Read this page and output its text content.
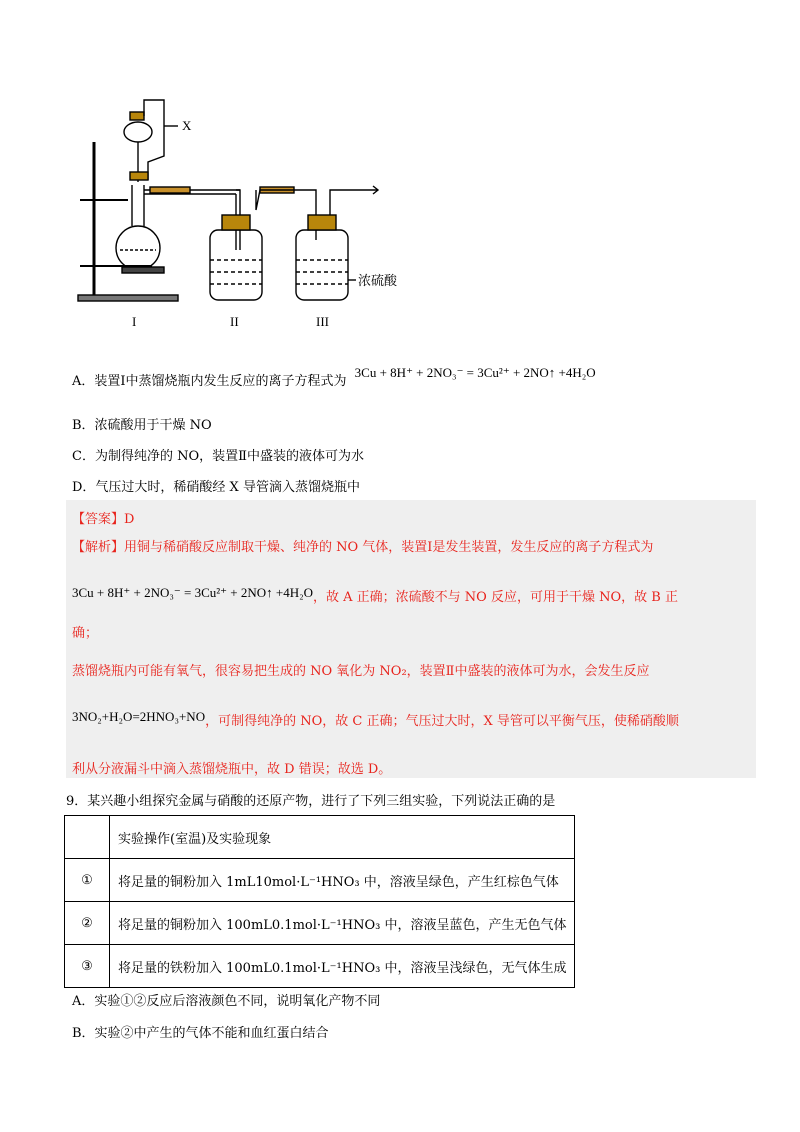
X
浓硫酸
I	II	III
A．装置Ⅰ中蒸馏烧瓶内发生反应的离子方程式为 3Cu + 8H⁺ + 2NO₃⁻ = 3Cu²⁺ + 2NO↑ +4H₂O
B．浓硫酸用于干燥 NO
C．为制得纯净的 NO，装置Ⅱ中盛装的液体可为水
D．气压过大时，稀硝酸经 X 导管滴入蒸馏烧瓶中
【答案】D
【解析】用铜与稀硝酸反应制取干燥、纯净的 NO 气体，装置Ⅰ是发生装置，发生反应的离子方程式为
3Cu + 8H⁺ + 2NO₃⁻ = 3Cu²⁺ + 2NO↑ +4H₂O，故 A 正确；浓硫酸不与 NO 反应，可用于干燥 NO，故 B 正
确；
蒸馏烧瓶内可能有氧气，很容易把生成的 NO 氧化为 NO₂，装置Ⅱ中盛装的液体可为水，会发生反应
3NO₂+H₂O=2HNO₃+NO，可制得纯净的 NO，故 C 正确；气压过大时，X 导管可以平衡气压，使稀硝酸顺
利从分液漏斗中滴入蒸馏烧瓶中，故 D 错误；故选 D。
9．某兴趣小组探究金属与硝酸的还原产物，进行了下列三组实验，下列说法正确的是
	实验操作(室温)及实验现象
①	将足量的铜粉加入 1mL10mol·L⁻¹HNO₃ 中，溶液呈绿色，产生红棕色气体
②	将足量的铜粉加入 100mL0.1mol·L⁻¹HNO₃ 中，溶液呈蓝色，产生无色气体
③	将足量的铁粉加入 100mL0.1mol·L⁻¹HNO₃ 中，溶液呈浅绿色，无气体生成
A．实验①②反应后溶液颜色不同，说明氧化产物不同
B．实验②中产生的气体不能和血红蛋白结合
